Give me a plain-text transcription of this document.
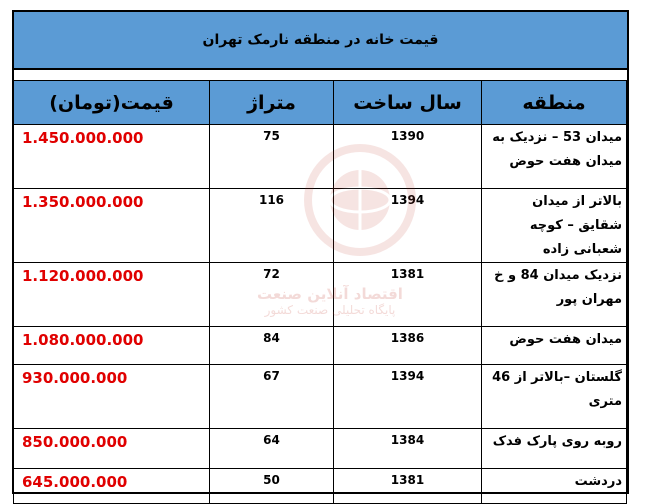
قیمت خانه در منطقه نارمک تهران
منطقه	سال ساخت	متراژ	قیمت(تومان)
میدان 53 – نزدیک به میدان هفت حوض	1390	75	1.450.000.000
بالاتر از میدان شقایق – کوچه شعبانی زاده	1394	116	1.350.000.000
نزدیک میدان 84 و خ مهران پور	1381	72	1.120.000.000
میدان هفت حوض	1386	84	1.080.000.000
گلستان –بالاتر از 46 متری	1394	67	930.000.000
روبه روی پارک فدک	1384	64	850.000.000
دردشت	1381	50	645.000.000
اقتصاد آنلاین صنعت
پایگاه تحلیلی صنعت کشور
